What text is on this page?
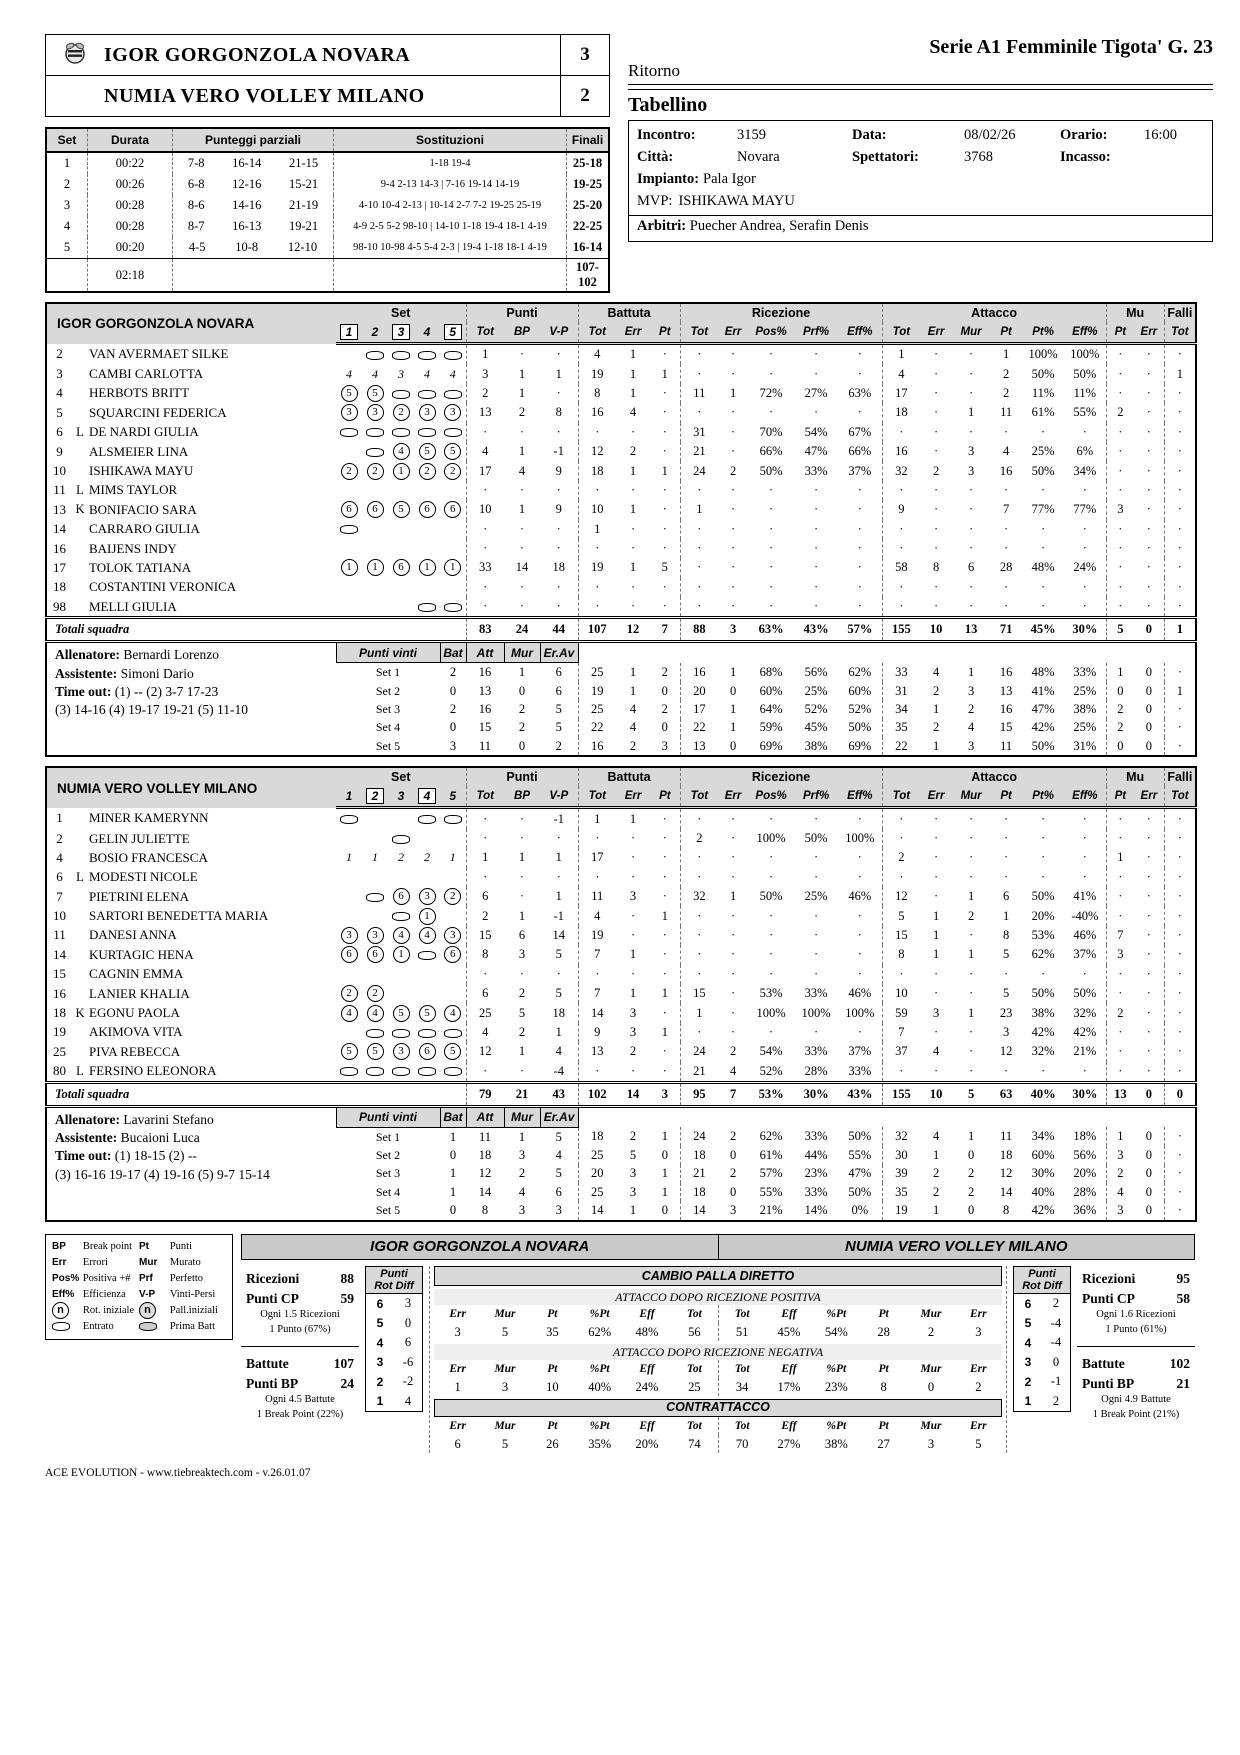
IGOR GORGONZOLA NOVARA	3
NUMIA VERO VOLLEY MILANO	2
Set	Durata	Punteggi parziali	Sostituzioni	Finali
1	00:22	7-8 16-14 21-15	1-18 19-4	25-18
2	00:26	6-8 12-16 15-21	9-4 2-13 14-3 | 7-16 19-14 14-19	19-25
3	00:28	8-6 14-16 21-19	4-10 10-4 2-13 | 10-14 2-7 7-2 19-25 25-19	25-20
4	00:28	8-7 16-13 19-21	4-9 2-5 5-2 98-10 | 14-10 1-18 19-4 18-1 4-19	22-25
5	00:20	4-5 10-8 12-10	98-10 10-98 4-5 5-4 2-3 | 19-4 1-18 18-1 4-19	16-14
	02:18			107-102
Serie A1 Femminile Tigota' G. 23
Ritorno
Tabellino
Incontro:	3159	Data:	08/02/26	Orario:	16:00
Città:	Novara	Spettatori:	3768	Incasso:
Impianto: Pala Igor
MVP: ISHIKAWA MAYU
Arbitri: Puecher Andrea, Serafin Denis
IGOR GORGONZOLA NOVARA			Set					Punti			Battuta			Ricezione					Attacco						Mu		Falli
			1	2	3	4	5	Tot	BP	V-P	Tot	Err	Pt	Tot	Err	Pos%	Prf%	Eff%	Tot	Err	Mur	Pt	Pt%	Eff%	Pt	Err	Tot
2		VAN AVERMAET SILKE						1	·	·	4	1	·	·	·	·	·	·	1	·	·	1	100%	100%	·	·	·
3		CAMBI CARLOTTA	4	4	3	4	4	3	1	1	19	1	1	·	·	·	·	·	4	·	·	2	50%	50%	·	·	1
4		HERBOTS BRITT	5	5				2	1	·	8	1	·	11	1	72%	27%	63%	17	·	·	2	11%	11%	·	·	·
5		SQUARCINI FEDERICA	3	3	2	3	3	13	2	8	16	4	·	·	·	·	·	·	18	·	1	11	61%	55%	2	·	·
6	L	DE NARDI GIULIA						·	·	·	·	·	·	31	·	70%	54%	67%	·	·	·	·	·	·	·	·	·
9		ALSMEIER LINA			4	5	5	4	1	-1	12	2	·	21	·	66%	47%	66%	16	·	3	4	25%	6%	·	·	·
10		ISHIKAWA MAYU	2	2	1	2	2	17	4	9	18	1	1	24	2	50%	33%	37%	32	2	3	16	50%	34%	·	·	·
11	L	MIMS TAYLOR						·	·	·	·	·	·	·	·	·	·	·	·	·	·	·	·	·	·	·	·
13	K	BONIFACIO SARA	6	6	5	6	6	10	1	9	10	1	·	1	·	·	·	·	9	·	·	7	77%	77%	3	·	·
14		CARRARO GIULIA						·	·	·	1	·	·	·	·	·	·	·	·	·	·	·	·	·	·	·	·
16		BAIJENS INDY						·	·	·	·	·	·	·	·	·	·	·	·	·	·	·	·	·	·	·	·
17		TOLOK TATIANA	1	1	6	1	1	33	14	18	19	1	5	·	·	·	·	·	58	8	6	28	48%	24%	·	·	·
18		COSTANTINI VERONICA						·	·	·	·	·	·	·	·	·	·	·	·	·	·	·	·	·	·	·	·
98		MELLI GIULIA						·	·	·	·	·	·	·	·	·	·	·	·	·	·	·	·	·	·	·	·
Totali squadra								83	24	44	107	12	7	88	3	63%	43%	57%	155	10	13	71	45%	30%	5	0	1

Allenatore: Bernardi Lorenzo
Assistente: Simoni Dario
Time out: (1) -- (2) 3-7 17-23
(3) 14-16 (4) 19-17 19-21 (5) 11-10			Punti vinti				Bat	Att	Mur	Er.Av																	
			Set 1				2	16	1	6	25	1	2	16	1	68%	56%	62%	33	4	1	16	48%	33%	1	0	·
			Set 2				0	13	0	6	19	1	0	20	0	60%	25%	60%	31	2	3	13	41%	25%	0	0	1
			Set 3				2	16	2	5	25	4	2	17	1	64%	52%	52%	34	1	2	16	47%	38%	2	0	·
			Set 4				0	15	2	5	22	4	0	22	1	59%	45%	50%	35	2	4	15	42%	25%	2	0	·
			Set 5				3	11	0	2	16	2	3	13	0	69%	38%	69%	22	1	3	11	50%	31%	0	0	·
NUMIA VERO VOLLEY MILANO			Set					Punti			Battuta			Ricezione					Attacco						Mu		Falli
			1	2	3	4	5	Tot	BP	V-P	Tot	Err	Pt	Tot	Err	Pos%	Prf%	Eff%	Tot	Err	Mur	Pt	Pt%	Eff%	Pt	Err	Tot
1		MINER KAMERYNN						·	·	-1	1	1	·	·	·	·	·	·	·	·	·	·	·	·	·	·	·
2		GELIN JULIETTE						·	·	·	·	·	·	2	·	100%	50%	100%	·	·	·	·	·	·	·	·	·
4		BOSIO FRANCESCA	1	1	2	2	1	1	1	1	17	·	·	·	·	·	·	·	2	·	·	·	·	·	1	·	·
6	L	MODESTI NICOLE						·	·	·	·	·	·	·	·	·	·	·	·	·	·	·	·	·	·	·	·
7		PIETRINI ELENA			6	3	2	6	·	1	11	3	·	32	1	50%	25%	46%	12	·	1	6	50%	41%	·	·	·
10		SARTORI BENEDETTA MARIA				1		2	1	-1	4	·	1	·	·	·	·	·	5	1	2	1	20%	-40%	·	·	·
11		DANESI ANNA	3	3	4	4	3	15	6	14	19	·	·	·	·	·	·	·	15	1	·	8	53%	46%	7	·	·
14		KURTAGIC HENA	6	6	1		6	8	3	5	7	1	·	·	·	·	·	·	8	1	1	5	62%	37%	3	·	·
15		CAGNIN EMMA						·	·	·	·	·	·	·	·	·	·	·	·	·	·	·	·	·	·	·	·
16		LANIER KHALIA	2	2				6	2	5	7	1	1	15	·	53%	33%	46%	10	·	·	5	50%	50%	·	·	·
18	K	EGONU PAOLA	4	4	5	5	4	25	5	18	14	3	·	1	·	100%	100%	100%	59	3	1	23	38%	32%	2	·	·
19		AKIMOVA VITA						4	2	1	9	3	1	·	·	·	·	·	7	·	·	3	42%	42%	·	·	·
25		PIVA REBECCA	5	5	3	6	5	12	1	4	13	2	·	24	2	54%	33%	37%	37	4	·	12	32%	21%	·	·	·
80	L	FERSINO ELEONORA						·	·	-4	·	·	·	21	4	52%	28%	33%	·	·	·	·	·	·	·	·	·
Totali squadra								79	21	43	102	14	3	95	7	53%	30%	43%	155	10	5	63	40%	30%	13	0	0

Allenatore: Lavarini Stefano
Assistente: Bucaioni Luca
Time out: (1) 18-15 (2) --
(3) 16-16 19-17 (4) 19-16 (5) 9-7 15-14			Punti vinti				Bat	Att	Mur	Er.Av																	
			Set 1				1	11	1	5	18	2	1	24	2	62%	33%	50%	32	4	1	11	34%	18%	1	0	·
			Set 2				0	18	3	4	25	5	0	18	0	61%	44%	55%	30	1	0	18	60%	56%	3	0	·
			Set 3				1	12	2	5	20	3	1	21	2	57%	23%	47%	39	2	2	12	30%	20%	2	0	·
			Set 4				1	14	4	6	25	3	1	18	0	55%	33%	50%	35	2	2	14	40%	28%	4	0	·
			Set 5				0	8	3	3	14	1	0	14	3	21%	14%	0%	19	1	0	8	42%	36%	3	0	·
BP	Break point Pt	Punti
Err	Errori	Mur	Murato
Pos% Positiva +# Prf	Perfetto
Eff% Efficienza	V-P	Vinti-Persi
n	Rot. iniziale n	Pall.iniziali
Entrato	Prima Batt
IGOR GORGONZOLA NOVARA	NUMIA VERO VOLLEY MILANO
Ricezioni	88
Punti CP	59
Ogni 1.5 Ricezioni
1 Punto (67%)
Battute	107
Punti BP	24
Ogni 4.5 Battute
1 Break Point (22%)
Punti
Rot Diff	
6	3
5	0
4	6
3	-6
2	-2
1	4
CAMBIO PALLA DIRETTO
ATTACCO DOPO RICEZIONE POSITIVA
Err	Mur	Pt	%Pt	Eff	Tot	Tot	Eff	%Pt	Pt	Mur	Err
3	5	35	62%	48%	56	51	45%	54%	28	2	3
ATTACCO DOPO RICEZIONE NEGATIVA
Err	Mur	Pt	%Pt	Eff	Tot	Tot	Eff	%Pt	Pt	Mur	Err
1	3	10	40%	24%	25	34	17%	23%	8	0	2
CONTRATTACCO
Err	Mur	Pt	%Pt	Eff	Tot	Tot	Eff	%Pt	Pt	Mur	Err
6	5	26	35%	20%	74	70	27%	38%	27	3	5
Punti
Rot Diff	
6	2
5	-4
4	-4
3	0
2	-1
1	2
Ricezioni	95
Punti CP	58
Ogni 1.6 Ricezioni
1 Punto (61%)
Battute	102
Punti BP	21
Ogni 4.9 Battute
1 Break Point (21%)
ACE EVOLUTION - www.tiebreaktech.com - v.26.01.07
